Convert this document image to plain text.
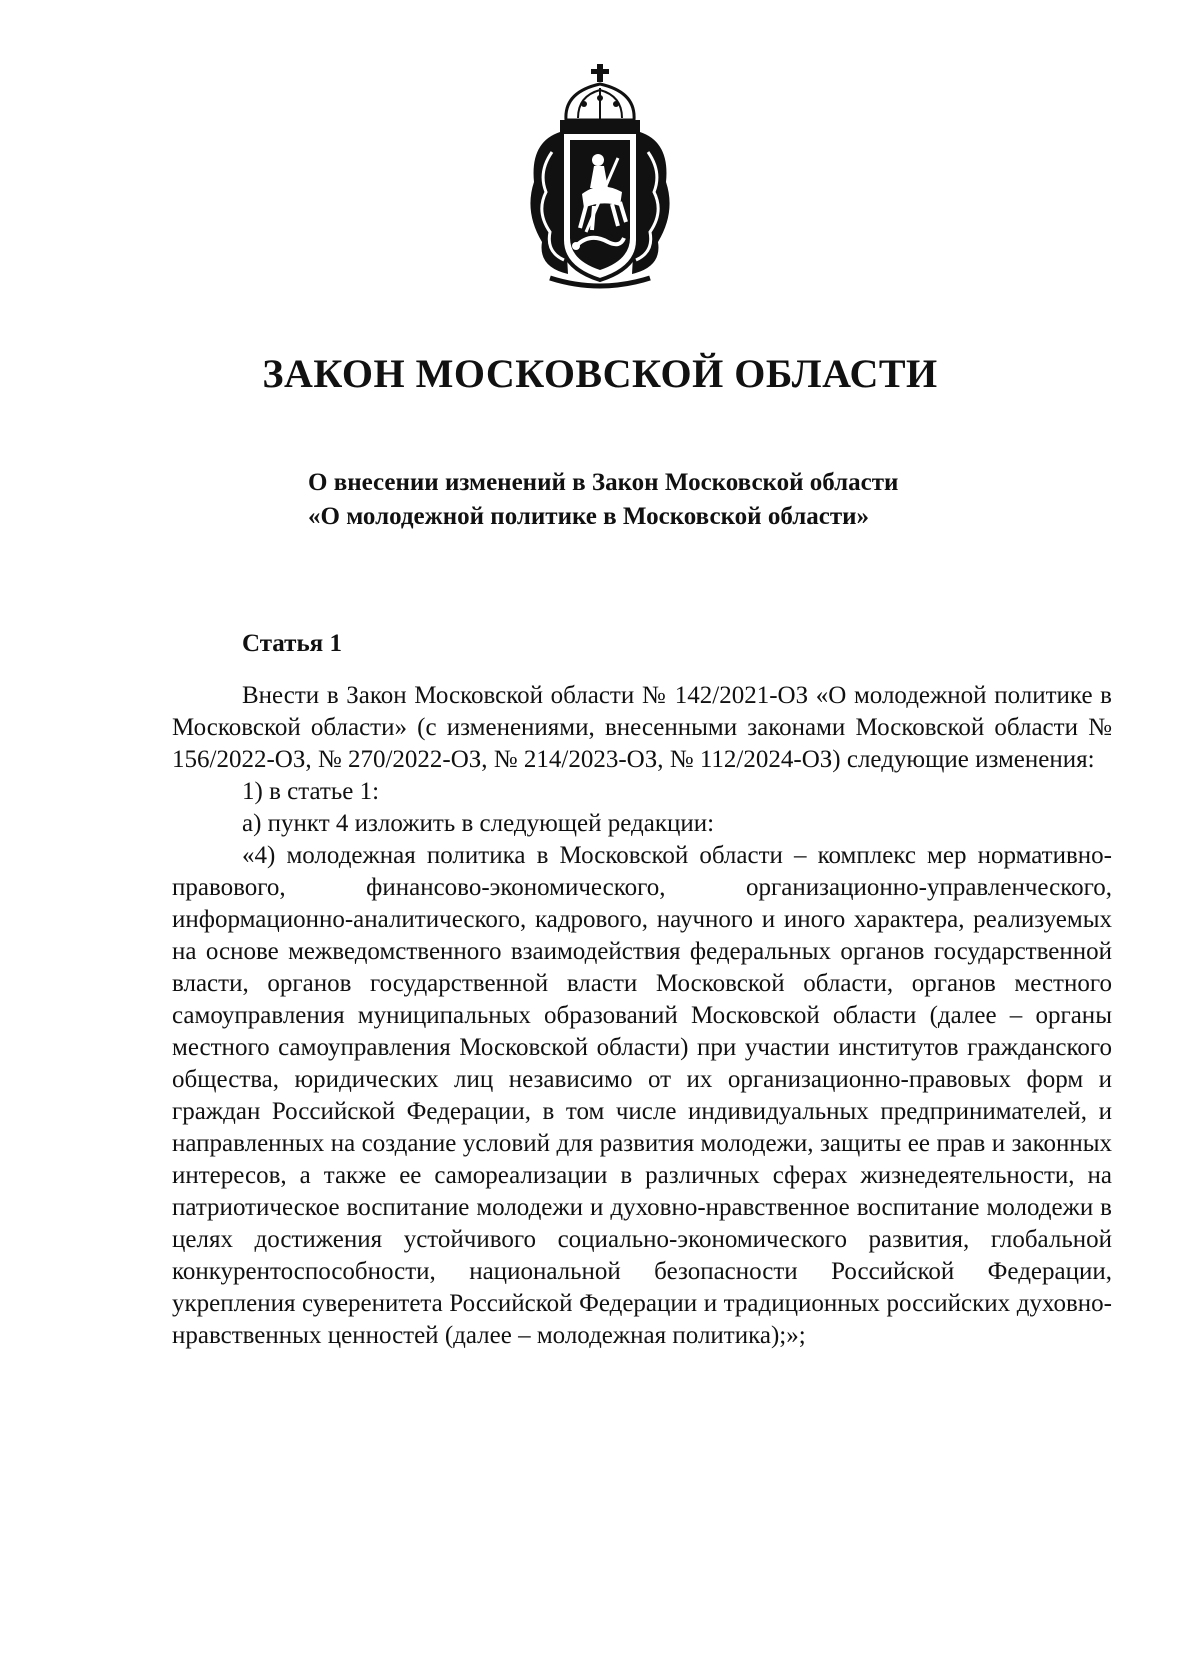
ЗАКОН МОСКОВСКОЙ ОБЛАСТИ
О внесении изменений в Закон Московской области
«О молодежной политике в Московской области»
Статья 1

Внести в Закон Московской области № 142/2021-ОЗ «О молодежной политике в Московской области» (с изменениями, внесенными законами Московской области № 156/2022-ОЗ, № 270/2022-ОЗ, № 214/2023-ОЗ, № 112/2024-ОЗ) следующие изменения:

1) в статье 1:

а) пункт 4 изложить в следующей редакции:

«4) молодежная политика в Московской области – комплекс мер нормативно-правового, финансово-экономического, организационно-управленческого, информационно-аналитического, кадрового, научного и иного характера, реализуемых на основе межведомственного взаимодействия федеральных органов государственной власти, органов государственной власти Московской области, органов местного самоуправления муниципальных образований Московской области (далее – органы местного самоуправления Московской области) при участии институтов гражданского общества, юридических лиц независимо от их организационно-правовых форм и граждан Российской Федерации, в том числе индивидуальных предпринимателей, и направленных на создание условий для развития молодежи, защиты ее прав и законных интересов, а также ее самореализации в различных сферах жизнедеятельности, на патриотическое воспитание молодежи и духовно-нравственное воспитание молодежи в целях достижения устойчивого социально-экономического развития, глобальной конкурентоспособности, национальной безопасности Российской Федерации, укрепления суверенитета Российской Федерации и традиционных российских духовно-нравственных ценностей (далее – молодежная политика);»;
